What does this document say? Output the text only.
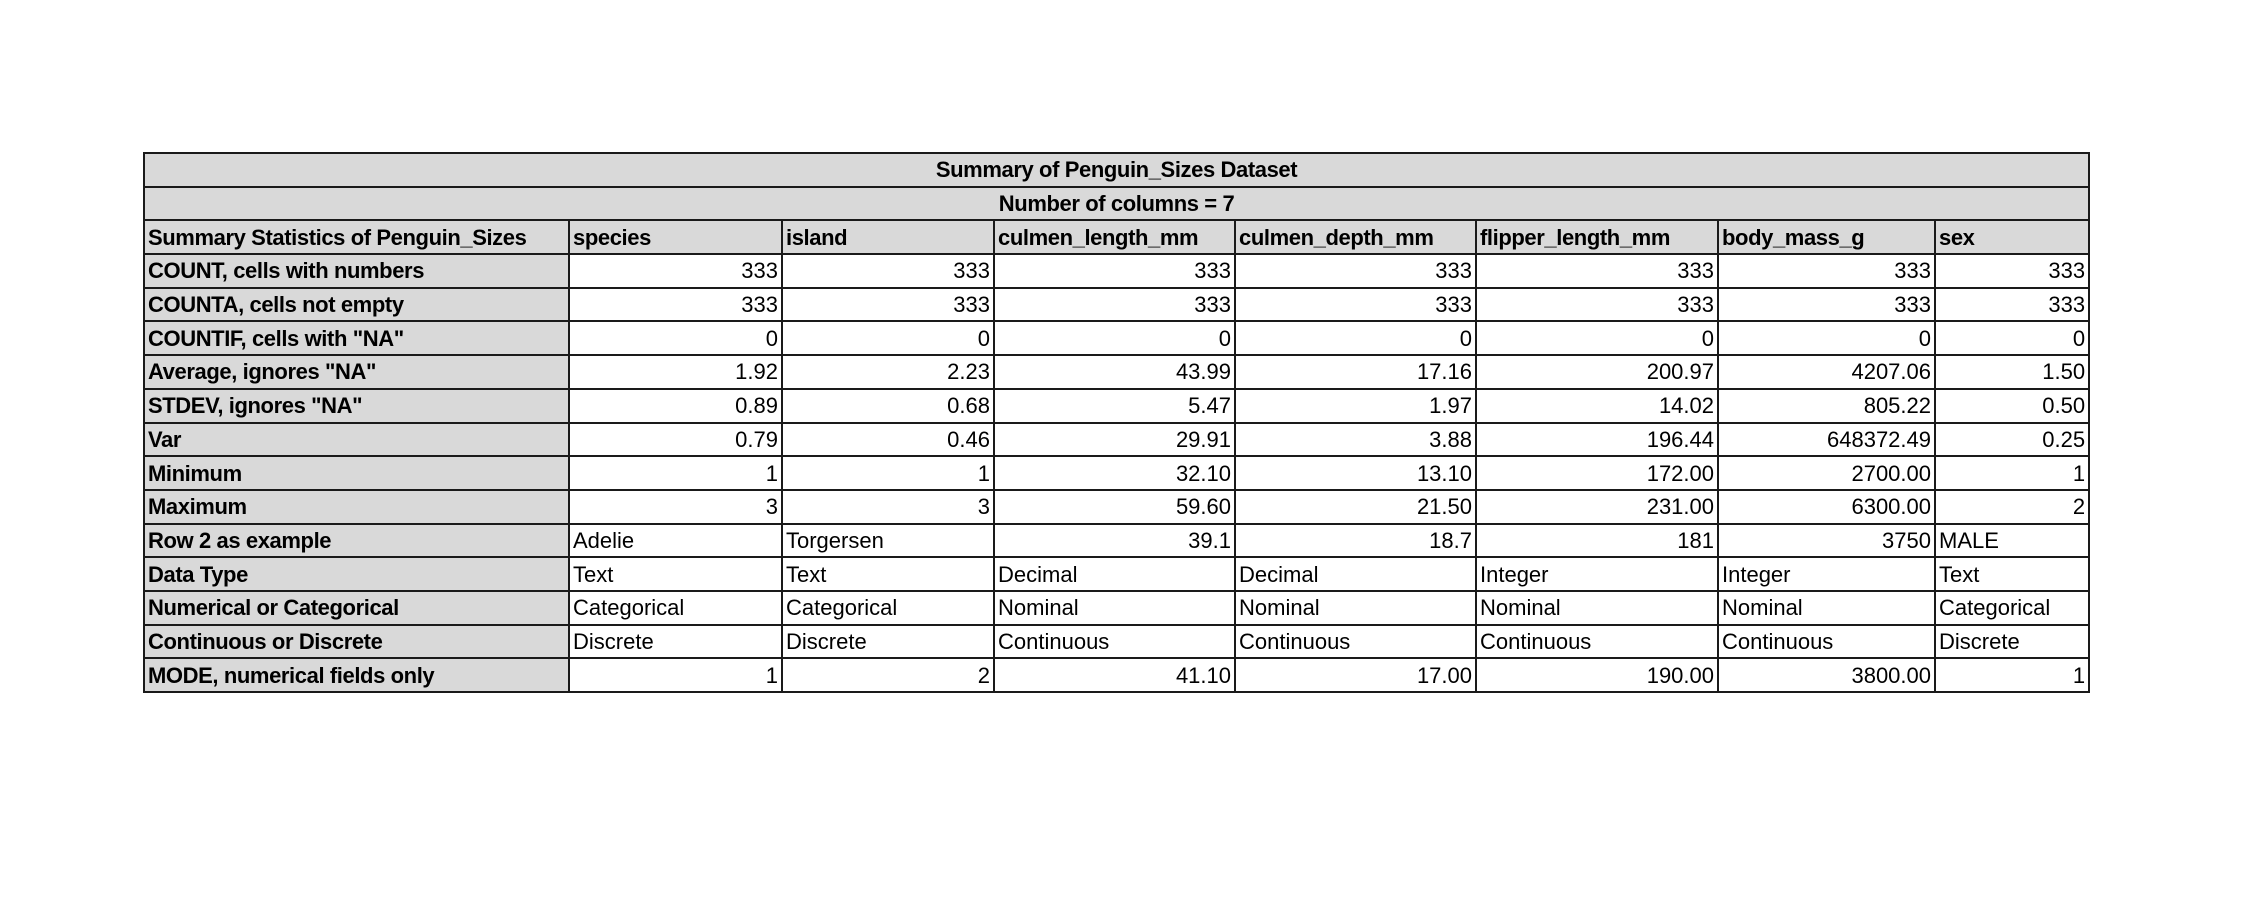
Summary of Penguin_Sizes Dataset							
Number of columns = 7							
Summary Statistics of Penguin_Sizes	species	island	culmen_length_mm	culmen_depth_mm	flipper_length_mm	body_mass_g	sex
COUNT, cells with numbers	333	333	333	333	333	333	333
COUNTA, cells not empty	333	333	333	333	333	333	333
COUNTIF, cells with "NA"	0	0	0	0	0	0	0
Average, ignores "NA"	1.92	2.23	43.99	17.16	200.97	4207.06	1.50
STDEV, ignores "NA"	0.89	0.68	5.47	1.97	14.02	805.22	0.50
Var	0.79	0.46	29.91	3.88	196.44	648372.49	0.25
Minimum	1	1	32.10	13.10	172.00	2700.00	1
Maximum	3	3	59.60	21.50	231.00	6300.00	2
Row 2 as example	Adelie	Torgersen	39.1	18.7	181	3750	MALE
Data Type	Text	Text	Decimal	Decimal	Integer	Integer	Text
Numerical or Categorical	Categorical	Categorical	Nominal	Nominal	Nominal	Nominal	Categorical
Continuous or Discrete	Discrete	Discrete	Continuous	Continuous	Continuous	Continuous	Discrete
MODE, numerical fields only	1	2	41.10	17.00	190.00	3800.00	1
